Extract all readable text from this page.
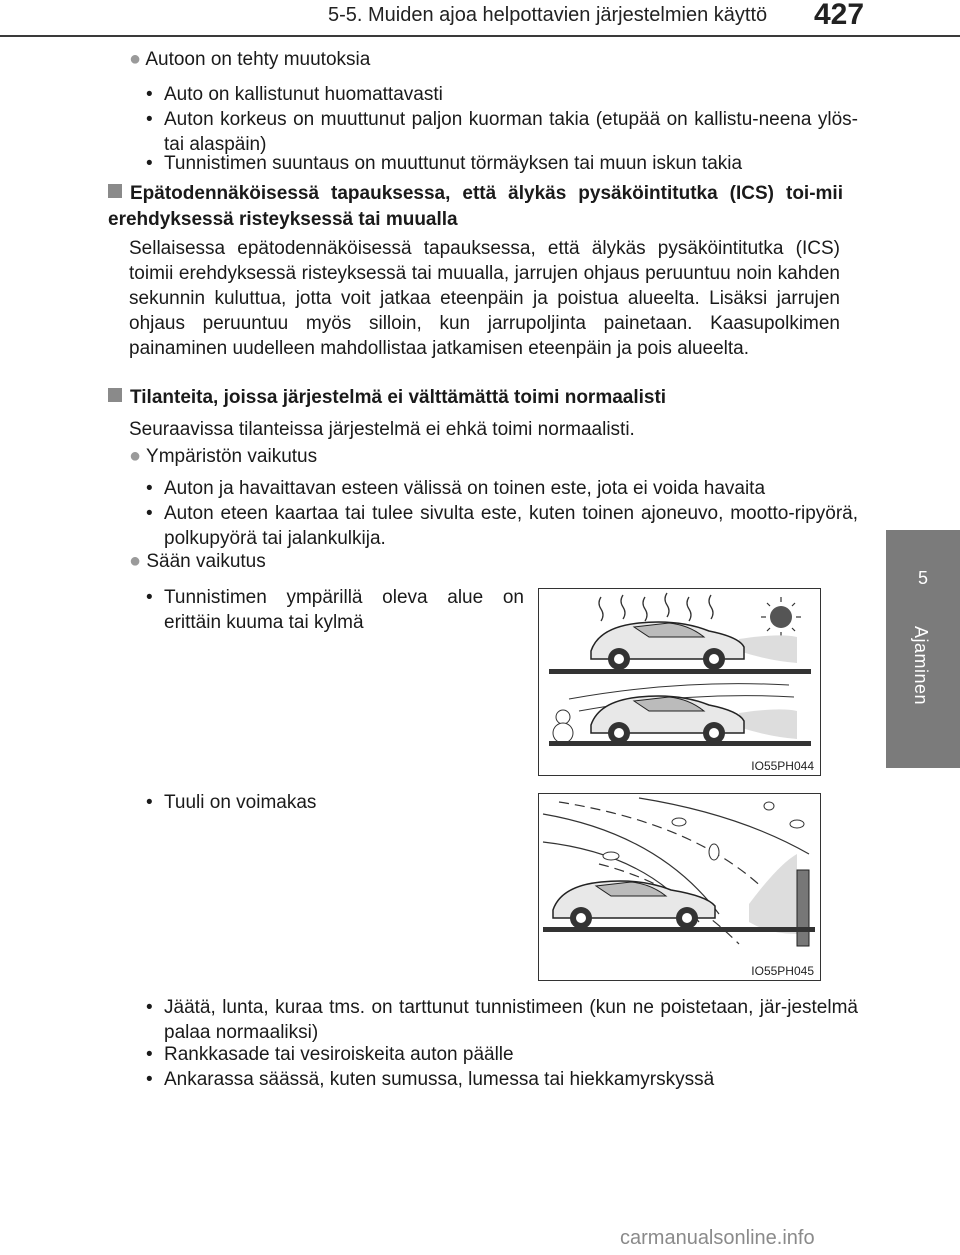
5-5. Muiden ajoa helpottavien järjestelmien käyttö 427
5
Ajaminen
● Autoon on tehty muutoksia
• Auto on kallistunut huomattavasti
• Auton korkeus on muuttunut paljon kuorman takia (etupää on kallistu-neena ylös- tai alaspäin)
• Tunnistimen suuntaus on muuttunut törmäyksen tai muun iskun takia
Epätodennäköisessä tapauksessa, että älykäs pysäköintitutka (ICS) toi-mii erehdyksessä risteyksessä tai muualla
Sellaisessa epätodennäköisessä tapauksessa, että älykäs pysäköintitutka (ICS) toimii erehdyksessä risteyksessä tai muualla, jarrujen ohjaus peruuntuu noin kahden sekunnin kuluttua, jotta voit jatkaa eteenpäin ja poistua alueelta. Lisäksi jarrujen ohjaus peruuntuu myös silloin, kun jarrupoljinta painetaan. Kaasupolkimen painaminen uudelleen mahdollistaa jatkamisen eteenpäin ja pois alueelta.
Tilanteita, joissa järjestelmä ei välttämättä toimi normaalisti
Seuraavissa tilanteissa järjestelmä ei ehkä toimi normaalisti.
● Ympäristön vaikutus
• Auton ja havaittavan esteen välissä on toinen este, jota ei voida havaita
• Auton eteen kaartaa tai tulee sivulta este, kuten toinen ajoneuvo, mootto-ripyörä, polkupyörä tai jalankulkija.
● Sään vaikutus
• Tunnistimen ympärillä oleva alue on erittäin kuuma tai kylmä
IO55PH044
• Tuuli on voimakas
IO55PH045
• Jäätä, lunta, kuraa tms. on tarttunut tunnistimeen (kun ne poistetaan, jär-jestelmä palaa normaaliksi)
• Rankkasade tai vesiroiskeita auton päälle
• Ankarassa säässä, kuten sumussa, lumessa tai hiekkamyrskyssä
carmanualsonline.info
